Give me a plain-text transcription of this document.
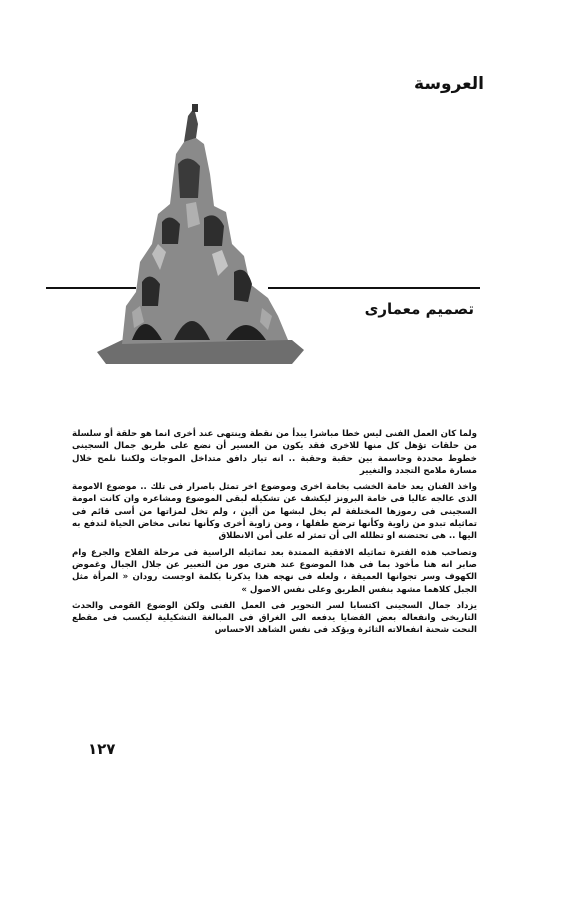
العروسة
تصميم معمارى

ولما كان العمل الفنى ليس خطا مباشرا يبدأ من نقطة وينتهى عند أخرى انما هو حلقة أو سلسلة من حلقات تؤهل كل منها للاخرى فقد يكون من العسير أن نضع على طريق جمال السجينى خطوط محددة وحاسمة بين حقبة وحقبة .. انه تيار دافق متداخل الموجات ولكننا نلمح خلال مسارة ملامح التجدد والتغيير

واخذ الفنان يعد خامة الخشب بخامة اخرى وموضوع اخر تمثل باصرار فى تلك .. موضوع الامومة الذى عالجه عاليا فى خامة البرونز ليكشف عن تشكيله لبقى الموضوع ومشاعره وان كانت امومة السجينى فى رموزها المختلفة لم يخل لبشها من ألين ، ولم تخل لمزاتها من أسى قائم فى تماثيله تبدو من زاوية وكأنها ترضع طفلها ، ومن زاوية أخرى وكأنها تعانى مخاض الحياة لتدفع به اليها .. هى تحتضنه او تظلله الى أن تمثر له على أمن الانطلاق

وتصاحب هذه الفترة تماثيله الافقية الممتدة بعد تماثيله الراسية فى مرحلة الفلاح والجرع وام صابر انه هنا مأخوذ بما فى هذا الموضوع عند هترى مور من التعبير عن جلال الجبال وغموض الكهوف وسر تجوانها العميقة ، ولعله فى نهجه هذا يذكرنا بكلمة اوجست رودان « المرأة مثل الجبل كلاهما مشهد بنفس الطريق وعلى نفس الاصول »

يزداد جمال السجينى اكتسابا لسر التحوير فى العمل الفنى ولكن الوضوع القومى والحدث التاريخى وانفعاله بعض القضايا يدفعه الى الغراق فى المبالغة التشكيلية ليكسب فى مقطع النحت شحنة انفعالاته الثائرة ويؤكد فى نفس الشاهد الاحساس

١٢٧
